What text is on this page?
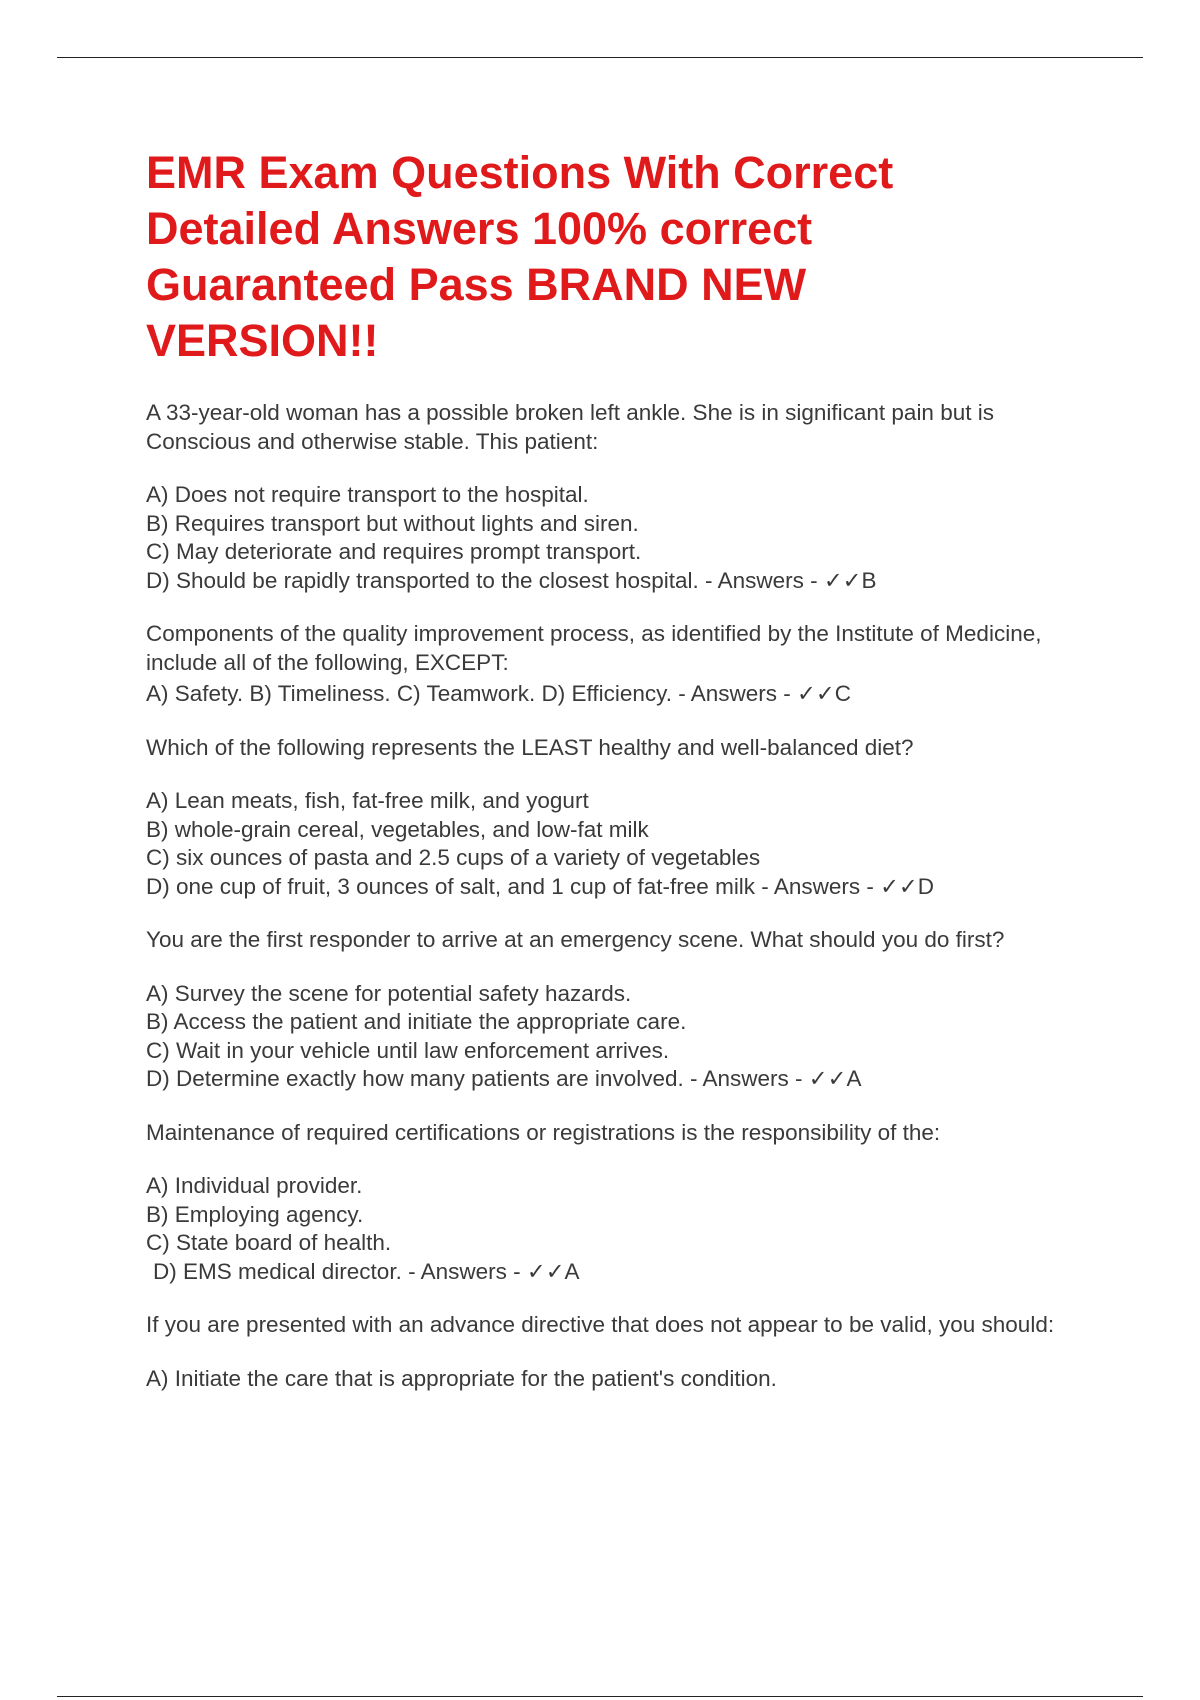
EMR Exam Questions With Correct Detailed Answers 100% correct Guaranteed Pass BRAND NEW VERSION!!

A 33-year-old woman has a possible broken left ankle. She is in significant pain but is Conscious and otherwise stable. This patient:

A) Does not require transport to the hospital.
B) Requires transport but without lights and siren.
C) May deteriorate and requires prompt transport.
D) Should be rapidly transported to the closest hospital. - Answers - ✓✓B

Components of the quality improvement process, as identified by the Institute of Medicine, include all of the following, EXCEPT:

A) Safety. B) Timeliness. C) Teamwork. D) Efficiency. - Answers - ✓✓C

Which of the following represents the LEAST healthy and well-balanced diet?

A) Lean meats, fish, fat-free milk, and yogurt
B) whole-grain cereal, vegetables, and low-fat milk
C) six ounces of pasta and 2.5 cups of a variety of vegetables
D) one cup of fruit, 3 ounces of salt, and 1 cup of fat-free milk - Answers - ✓✓D

You are the first responder to arrive at an emergency scene. What should you do first?

A) Survey the scene for potential safety hazards.
B) Access the patient and initiate the appropriate care.
C) Wait in your vehicle until law enforcement arrives.
D) Determine exactly how many patients are involved. - Answers - ✓✓A

Maintenance of required certifications or registrations is the responsibility of the:

A) Individual provider.
B) Employing agency.
C) State board of health.
D) EMS medical director. - Answers - ✓✓A

If you are presented with an advance directive that does not appear to be valid, you should:

A) Initiate the care that is appropriate for the patient's condition.
